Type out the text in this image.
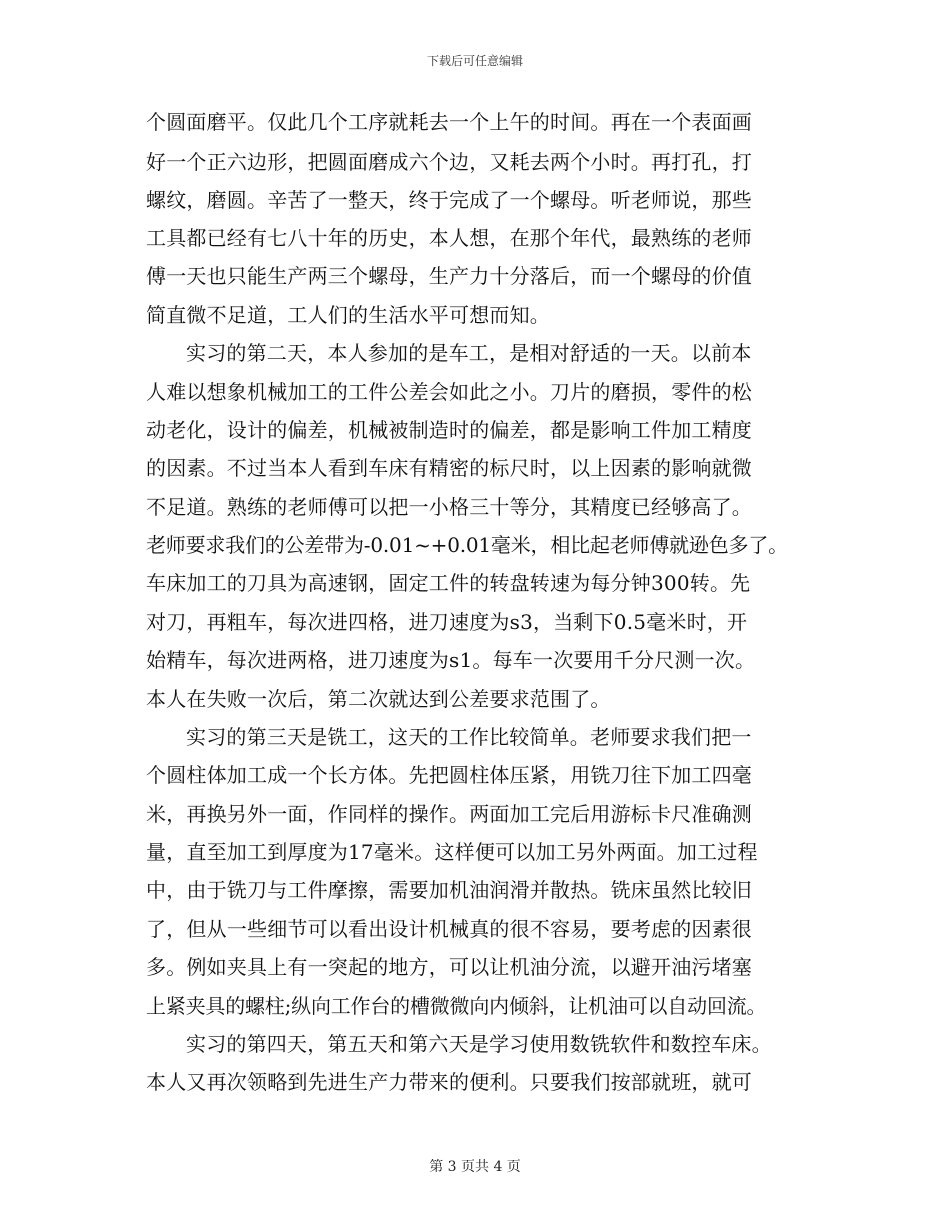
下载后可任意编辑
个圆面磨平。仅此几个工序就耗去一个上午的时间。再在一个表面画
好一个正六边形，把圆面磨成六个边，又耗去两个小时。再打孔，打
螺纹，磨圆。辛苦了一整天，终于完成了一个螺母。听老师说，那些
工具都已经有七八十年的历史，本人想，在那个年代，最熟练的老师
傅一天也只能生产两三个螺母，生产力十分落后，而一个螺母的价值
简直微不足道，工人们的生活水平可想而知。
实习的第二天，本人参加的是车工，是相对舒适的一天。以前本
人难以想象机械加工的工件公差会如此之小。刀片的磨损，零件的松
动老化，设计的偏差，机械被制造时的偏差，都是影响工件加工精度
的因素。不过当本人看到车床有精密的标尺时，以上因素的影响就微
不足道。熟练的老师傅可以把一小格三十等分，其精度已经够高了。
老师要求我们的公差带为-0.01~+0.01毫米，相比起老师傅就逊色多了。
车床加工的刀具为高速钢，固定工件的转盘转速为每分钟300转。先
对刀，再粗车，每次进四格，进刀速度为s3，当剩下0.5毫米时，开
始精车，每次进两格，进刀速度为s1。每车一次要用千分尺测一次。
本人在失败一次后，第二次就达到公差要求范围了。
实习的第三天是铣工，这天的工作比较简单。老师要求我们把一
个圆柱体加工成一个长方体。先把圆柱体压紧，用铣刀往下加工四毫
米，再换另外一面，作同样的操作。两面加工完后用游标卡尺准确测
量，直至加工到厚度为17毫米。这样便可以加工另外两面。加工过程
中，由于铣刀与工件摩擦，需要加机油润滑并散热。铣床虽然比较旧
了，但从一些细节可以看出设计机械真的很不容易，要考虑的因素很
多。例如夹具上有一突起的地方，可以让机油分流，以避开油污堵塞
上紧夹具的螺柱;纵向工作台的槽微微向内倾斜，让机油可以自动回流。
实习的第四天，第五天和第六天是学习使用数铣软件和数控车床。
本人又再次领略到先进生产力带来的便利。只要我们按部就班，就可
第 3 页共 4 页
